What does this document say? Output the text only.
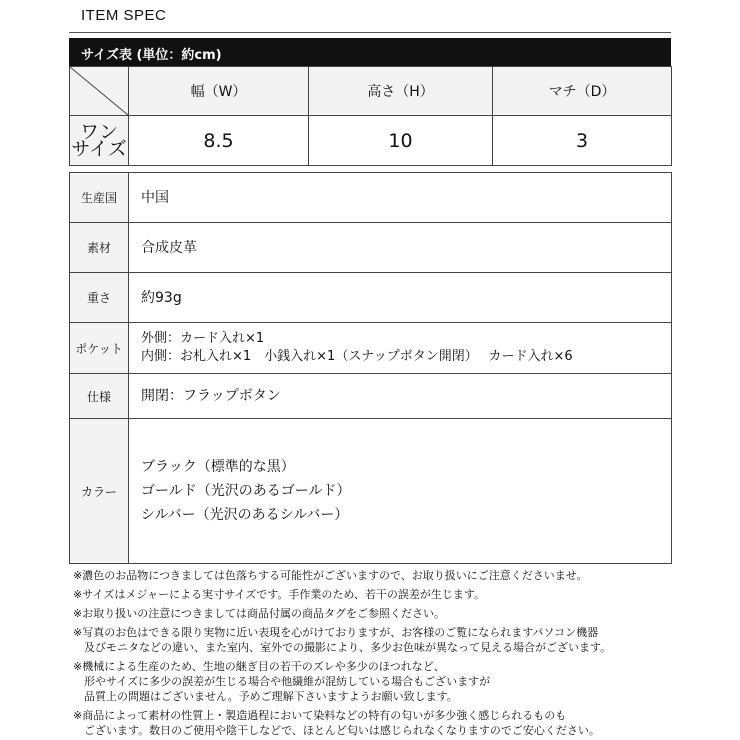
ITEM SPEC
サイズ表 (単位：約cm)
	幅（W）	高さ（H）	マチ（D）
ワン
サイズ	8.5	10	3
生産国	中国
素材	合成皮革
重さ	約93g
ポケット	外側：カード入れ×1
内側：お札入れ×1　小銭入れ×1（スナップボタン開閉）　 カード入れ×6

仕様	開閉：フラップボタン
カラー	ブラック（標準的な黒）
ゴールド（光沢のあるゴールド）
シルバー（光沢のあるシルバー）
※濃色のお品物につきましては色落ちする可能性がございますので、お取り扱いにご注意くださいませ。
※サイズはメジャーによる実寸サイズです。手作業のため、若干の誤差が生じます。
※お取り扱いの注意につきましては商品付属の商品タグをご参照ください。
※写真のお色はできる限り実物に近い表現を心がけておりますが、お客様のご覧になられますパソコン機器
　及びモニタなどの違い、また室内、室外での撮影により、多少お色味が異なって見える場合がございます。
※機械による生産のため、生地の継ぎ目の若干のズレや多少のほつれなど、
　形やサイズに多少の誤差が生じる場合や他繊維が混紡している場合もございますが
　品質上の問題はございません。予めご理解下さいますようお願い致します。
※商品によって素材の性質上・製造過程において染料などの特有の匂いが多少強く感じられるものも
　ございます。数日のご使用や陰干しなどで、ほとんど匂いは感じられなくなりますのでご安心ください。
